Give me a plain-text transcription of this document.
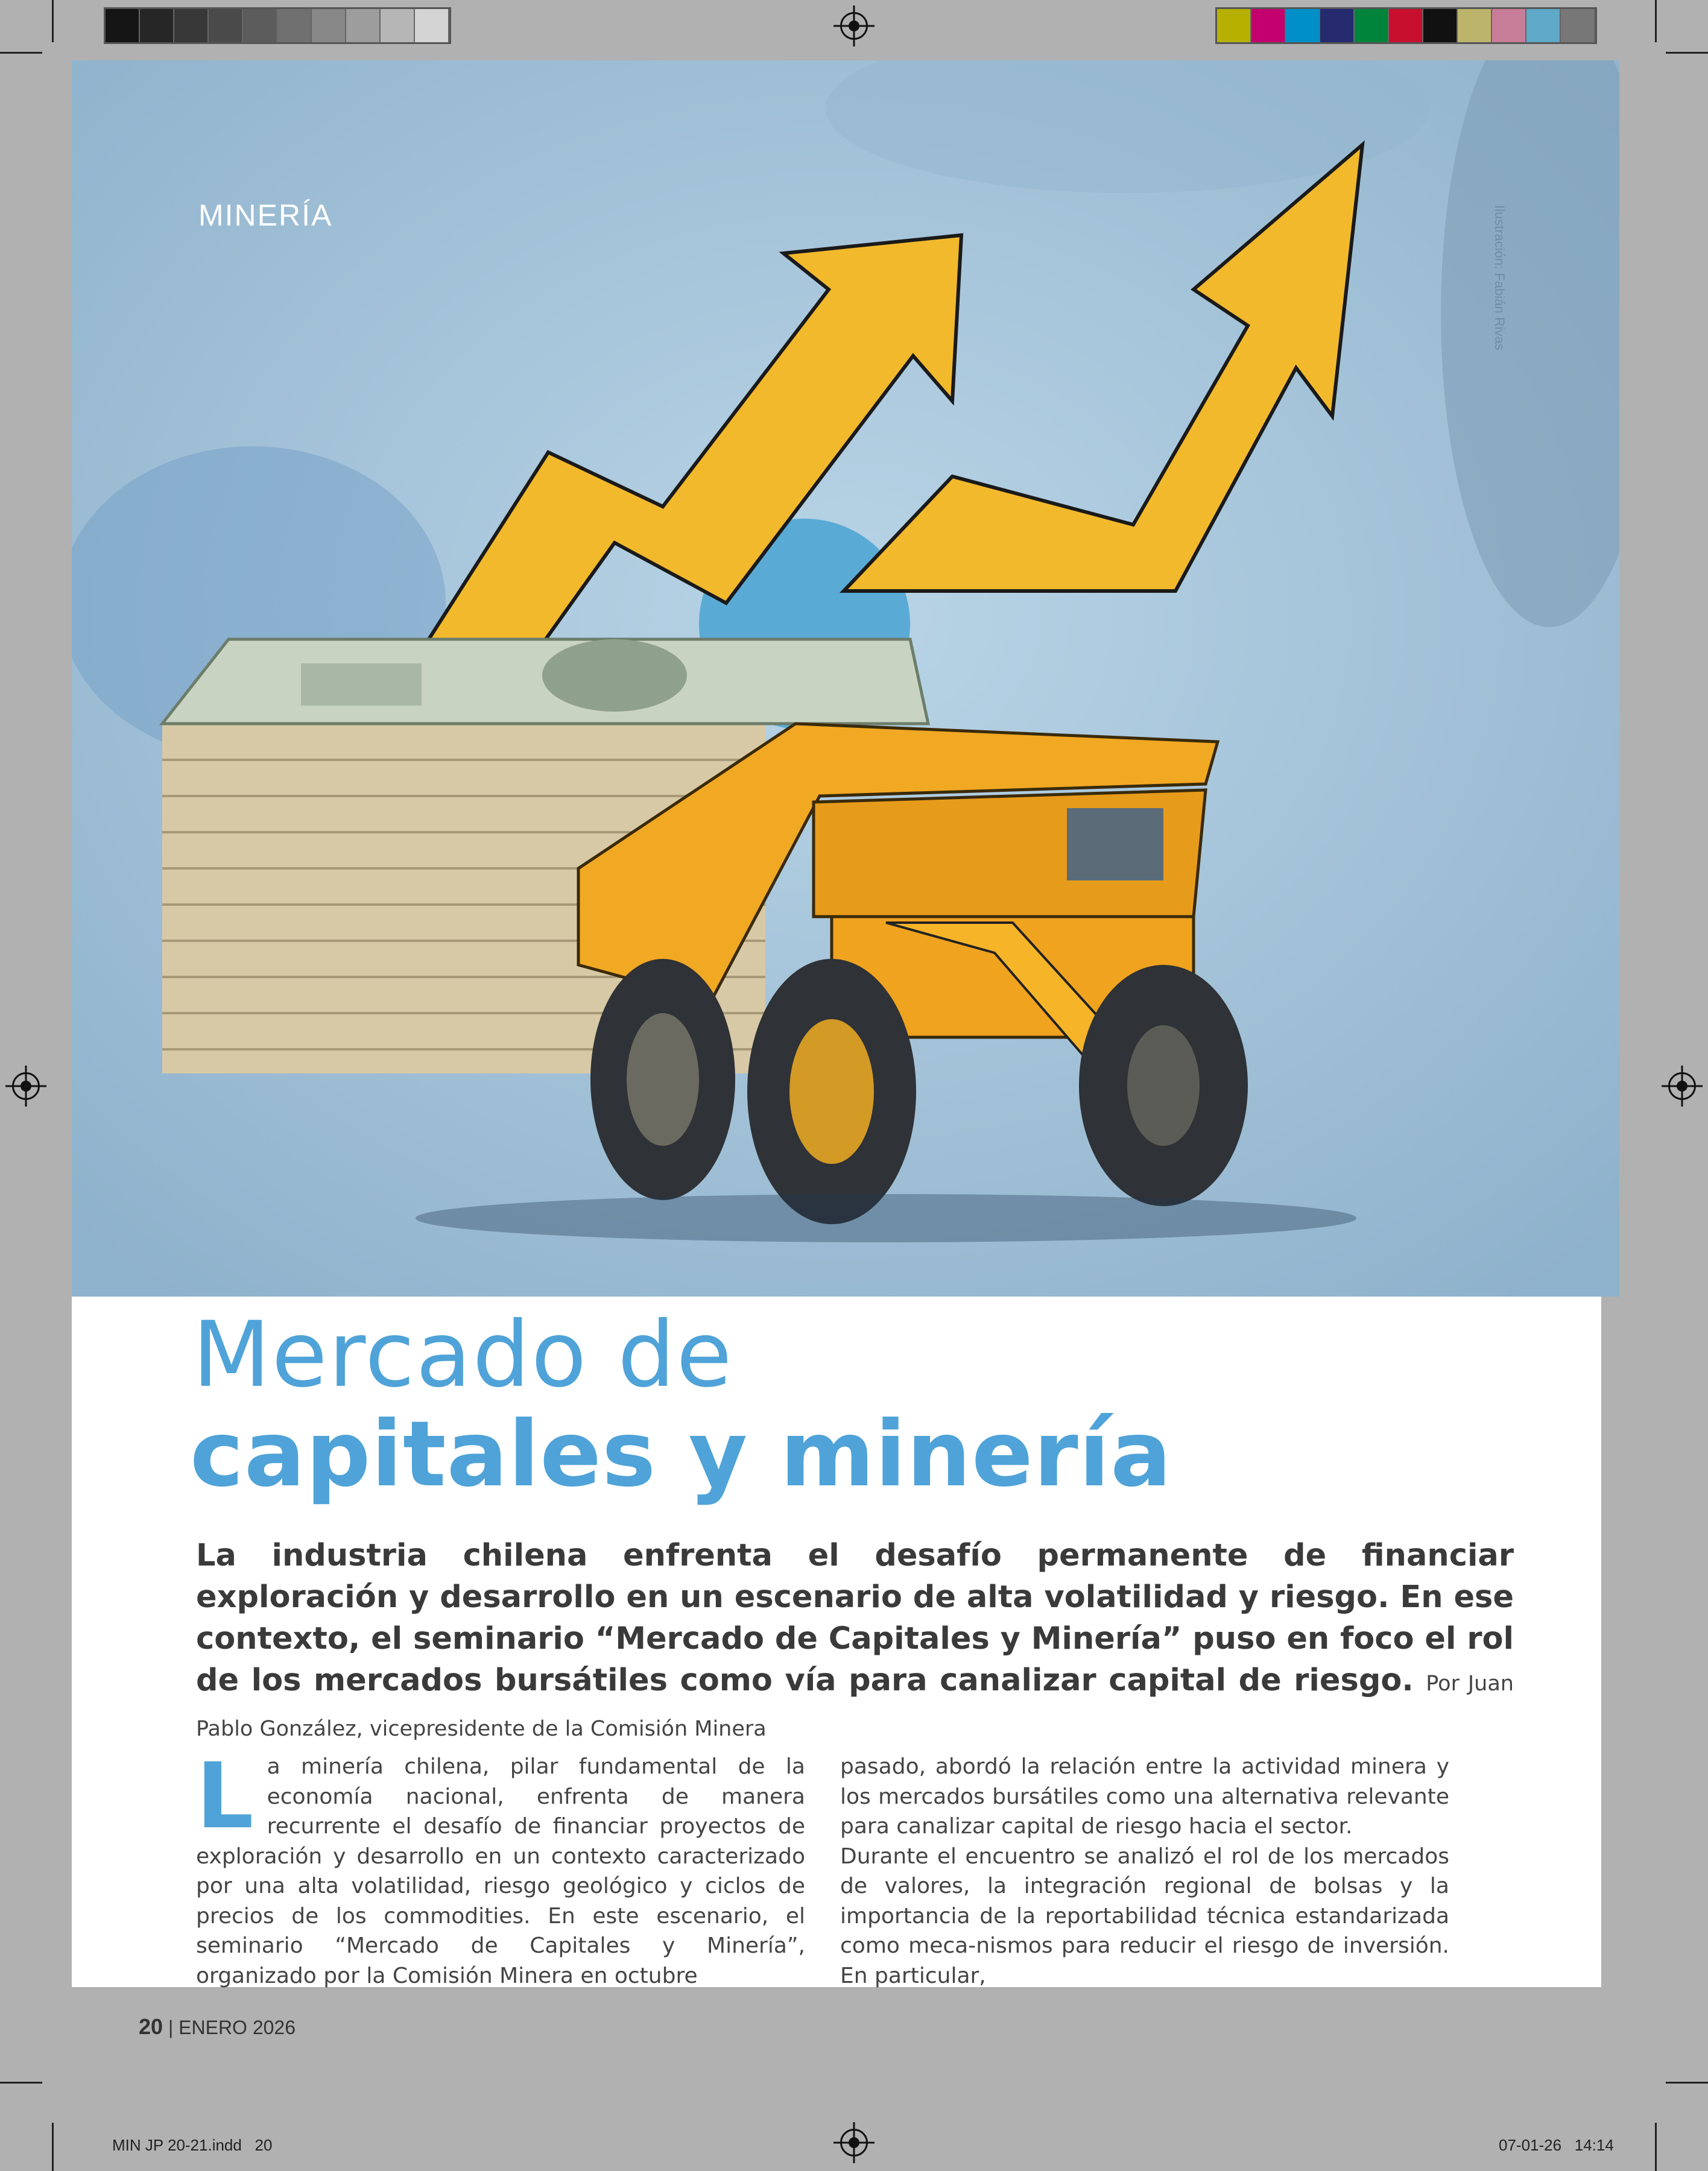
MINERÍA	Ilustración: Fabián Rivas
Mercado de
capitales y minería
La industria chilena enfrenta el desafío permanente de financiar exploración y desarrollo en un escenario de alta volatilidad y riesgo. En ese contexto, el seminario “Mercado de Capitales y Minería” puso en foco el rol de los mercados bursátiles como vía para canalizar capital de riesgo. Por Juan Pablo González, vicepresidente de la Comisión Minera
L a minería chilena, pilar fundamental de la economía nacional, enfrenta de manera recurrente el desafío de financiar proyectos de exploración y desarrollo en un contexto caracterizado por una alta volatilidad, riesgo geológico y ciclos de precios de los commodities. En este escenario, el seminario “Mercado de Capitales y Minería”, organizado por la Comisión Minera en octubre
pasado, abordó la relación entre la actividad minera y los mercados bursátiles como una alternativa relevante para canalizar capital de riesgo hacia el sector.
Durante el encuentro se analizó el rol de los mercados de valores, la integración regional de bolsas y la importancia de la reportabilidad técnica estandarizada como meca-nismos para reducir el riesgo de inversión. En particular,
20 | ENERO 2026
MIN JP 20-21.indd   20	07-01-26   14:14
